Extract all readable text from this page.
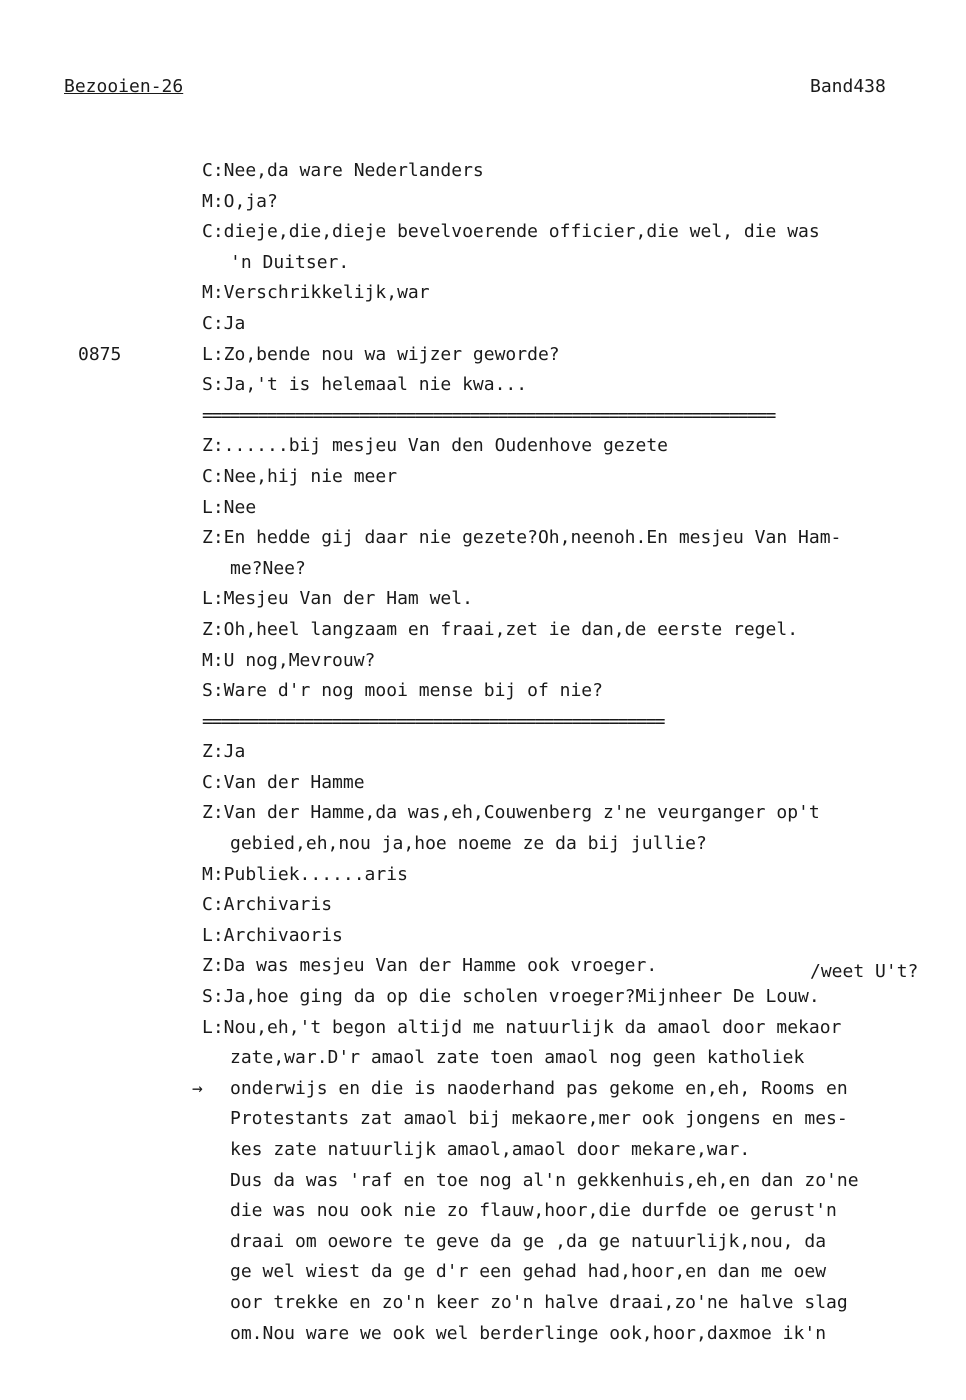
Bezooien-26	Band438
C:Nee,da ware Nederlanders
M:O,ja?
C:dieje,die,dieje bevelvoerende officier,die wel, die was
'n Duitser.
M:Verschrikkelijk,war
C:Ja
L:Zo,bende nou wa wijzer geworde?
0875
S:Ja,'t is helemaal nie kwa...
==============================================================
Z:......bij mesjeu Van den Oudenhove gezete
C:Nee,hij nie meer
L:Nee
Z:En hedde gij daar nie gezete?Oh,neenoh.En mesjeu Van Ham-
me?Nee?
L:Mesjeu Van der Ham wel.
Z:Oh,heel langzaam en fraai,zet ie dan,de eerste regel.
M:U nog,Mevrouw?
S:Ware d'r nog mooi mense bij of nie?
==================================================
Z:Ja
C:Van der Hamme
Z:Van der Hamme,da was,eh,Couwenberg z'ne veurganger op't
gebied,eh,nou ja,hoe noeme ze da bij jullie?
M:Publiek......aris
C:Archivaris
L:Archivaoris
Z:Da was mesjeu Van der Hamme ook vroeger.	/weet U't?
S:Ja,hoe ging da op die scholen vroeger?Mijnheer De Louw.
L:Nou,eh,'t begon altijd me natuurlijk da amaol door mekaor
zate,war.D'r amaol zate toen amaol nog geen katholiek
onderwijs en die is naoderhand pas gekome en,eh, Rooms en
→
Protestants zat amaol bij mekaore,mer ook jongens en mes-
kes zate natuurlijk amaol,amaol door mekare,war.
Dus da was 'raf en toe nog al'n gekkenhuis,eh,en dan zo'ne
die was nou ook nie zo flauw,hoor,die durfde oe gerust'n
draai om oewore te geve da ge ,da ge natuurlijk,nou, da
ge wel wiest da ge d'r een gehad had,hoor,en dan me oew
oor trekke en zo'n keer zo'n halve draai,zo'ne halve slag
om.Nou ware we ook wel berderlinge ook,hoor,daxmoe ik'n
